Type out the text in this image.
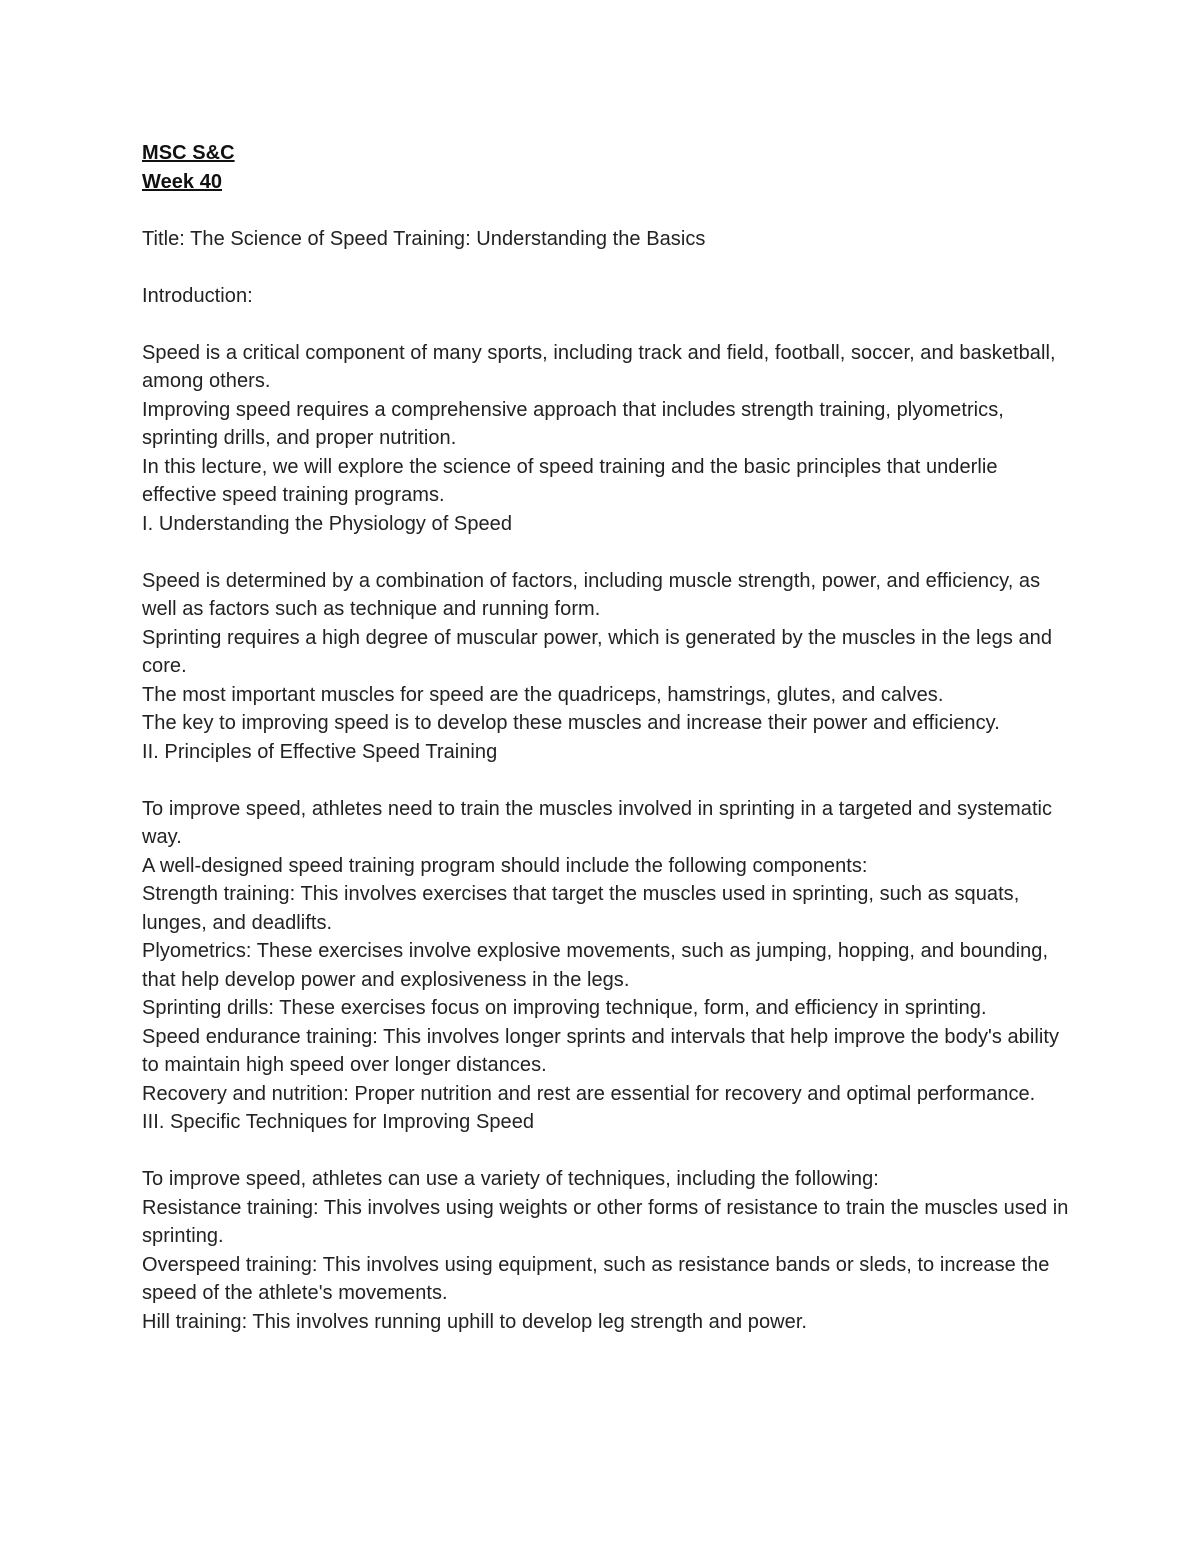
MSC S&C

Week 40

Title: The Science of Speed Training: Understanding the Basics

Introduction:

Speed is a critical component of many sports, including track and field, football, soccer, and basketball, among others.

Improving speed requires a comprehensive approach that includes strength training, plyometrics, sprinting drills, and proper nutrition.

In this lecture, we will explore the science of speed training and the basic principles that underlie effective speed training programs.

I. Understanding the Physiology of Speed

Speed is determined by a combination of factors, including muscle strength, power, and efficiency, as well as factors such as technique and running form.

Sprinting requires a high degree of muscular power, which is generated by the muscles in the legs and core.

The most important muscles for speed are the quadriceps, hamstrings, glutes, and calves.

The key to improving speed is to develop these muscles and increase their power and efficiency.

II. Principles of Effective Speed Training

To improve speed, athletes need to train the muscles involved in sprinting in a targeted and systematic way.

A well-designed speed training program should include the following components:

Strength training: This involves exercises that target the muscles used in sprinting, such as squats, lunges, and deadlifts.

Plyometrics: These exercises involve explosive movements, such as jumping, hopping, and bounding, that help develop power and explosiveness in the legs.

Sprinting drills: These exercises focus on improving technique, form, and efficiency in sprinting.

Speed endurance training: This involves longer sprints and intervals that help improve the body's ability to maintain high speed over longer distances.

Recovery and nutrition: Proper nutrition and rest are essential for recovery and optimal performance.

III. Specific Techniques for Improving Speed

To improve speed, athletes can use a variety of techniques, including the following:

Resistance training: This involves using weights or other forms of resistance to train the muscles used in sprinting.

Overspeed training: This involves using equipment, such as resistance bands or sleds, to increase the speed of the athlete's movements.

Hill training: This involves running uphill to develop leg strength and power.
